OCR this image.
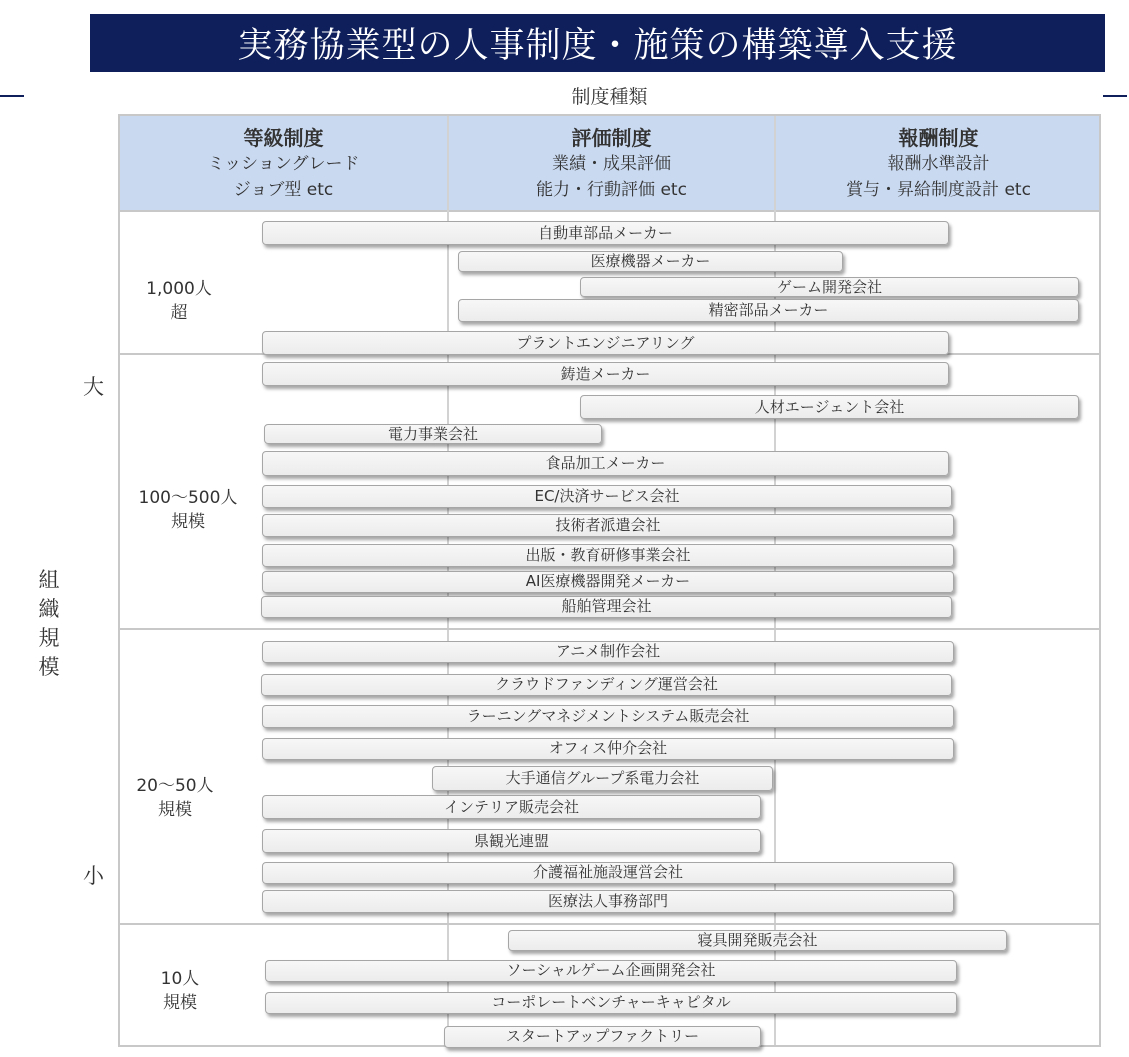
実務協業型の人事制度・施策の構築導入支援
制度種類
等級制度
ミッショングレード
ジョブ型 etc
評価制度
業績・成果評価
能力・行動評価 etc
報酬制度
報酬水準設計
賞与・昇給制度設計 etc
1,000人
超
100～500人
規模
20～50人
規模
10人
規模
大
小
組織規模
自動車部品メーカー
医療機器メーカー
ゲーム開発会社
精密部品メーカー
プラントエンジニアリング
鋳造メーカー
人材エージェント会社
電力事業会社
食品加工メーカー
EC/決済サービス会社
技術者派遣会社
出版・教育研修事業会社
AI医療機器開発メーカー
船舶管理会社
アニメ制作会社
クラウドファンディング運営会社
ラーニングマネジメントシステム販売会社
オフィス仲介会社
大手通信グループ系電力会社
インテリア販売会社
県観光連盟
介護福祉施設運営会社
医療法人事務部門
寝具開発販売会社
ソーシャルゲーム企画開発会社
コーポレートベンチャーキャピタル
スタートアップファクトリー
